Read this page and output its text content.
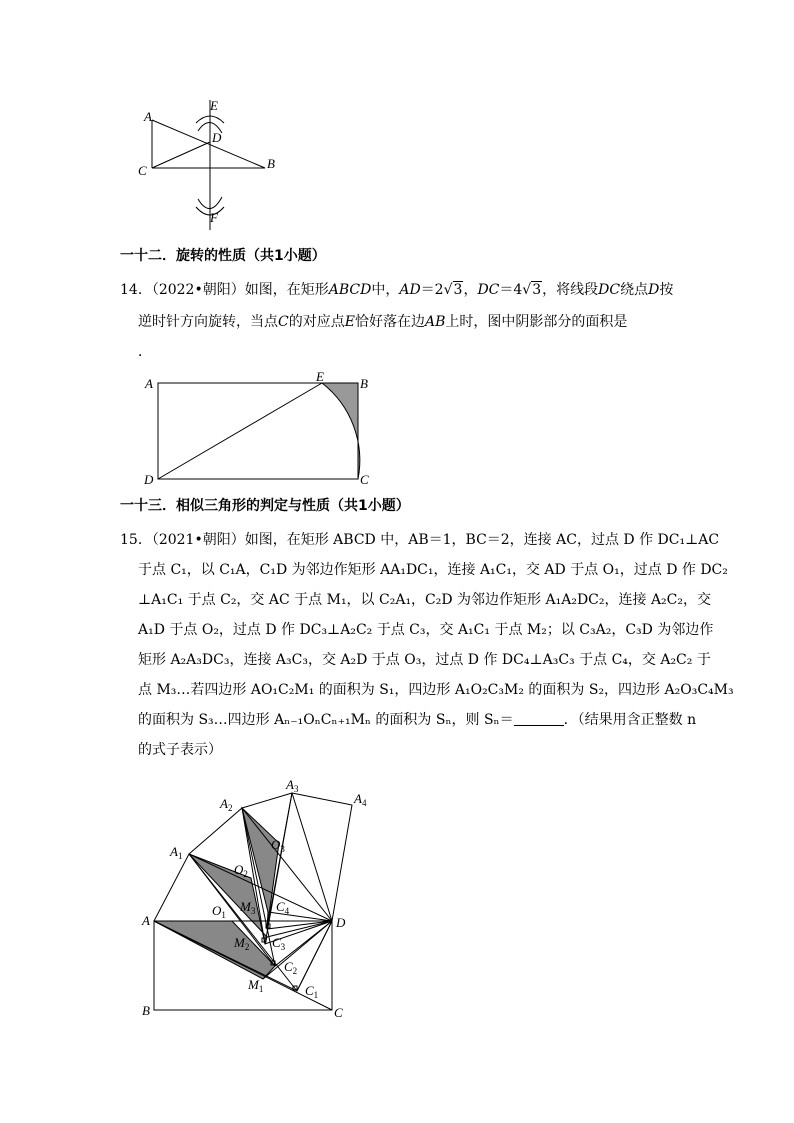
A
C	B
D
E
F
一十二．旋转的性质（共1小题）
14．（2022•朝阳）如图，在矩形ABCD中，AD＝2√3，DC＝4√3，将线段DC绕点D按
逆时针方向旋转，当点C的对应点E恰好落在边AB上时，图中阴影部分的面积是
．
A	B
E
D	C
一十三．相似三角形的判定与性质（共1小题）
15．（2021•朝阳）如图，在矩形 ABCD 中，AB＝1，BC＝2，连接 AC，过点 D 作 DC₁⊥AC
于点 C₁，以 C₁A，C₁D 为邻边作矩形 AA₁DC₁，连接 A₁C₁，交 AD 于点 O₁，过点 D 作 DC₂
⊥A₁C₁ 于点 C₂，交 AC 于点 M₁，以 C₂A₁，C₂D 为邻边作矩形 A₁A₂DC₂，连接 A₂C₂，交
A₁D 于点 O₂，过点 D 作 DC₃⊥A₂C₂ 于点 C₃，交 A₁C₁ 于点 M₂；以 C₃A₂，C₃D 为邻边作
矩形 A₂A₃DC₃，连接 A₃C₃，交 A₂D 于点 O₃，过点 D 作 DC₄⊥A₃C₃ 于点 C₄，交 A₂C₂ 于
点 M₃…若四边形 AO₁C₂M₁ 的面积为 S₁，四边形 A₁O₂C₃M₂ 的面积为 S₂，四边形 A₂O₃C₄M₃
的面积为 S₃…四边形 Aₙ₋₁OₙCₙ₊₁Mₙ 的面积为 Sₙ，则 Sₙ＝	．（结果用含正整数 n
的式子表示）
A
B	C
D
$A_1$
$A_2$
$A_3$
$A_4$
$O_1$
$O_2$
$O_3$
$M_1$
$M_2$
$M_3$
$C_1$
$C_2$
$C_3$
$C_4$
